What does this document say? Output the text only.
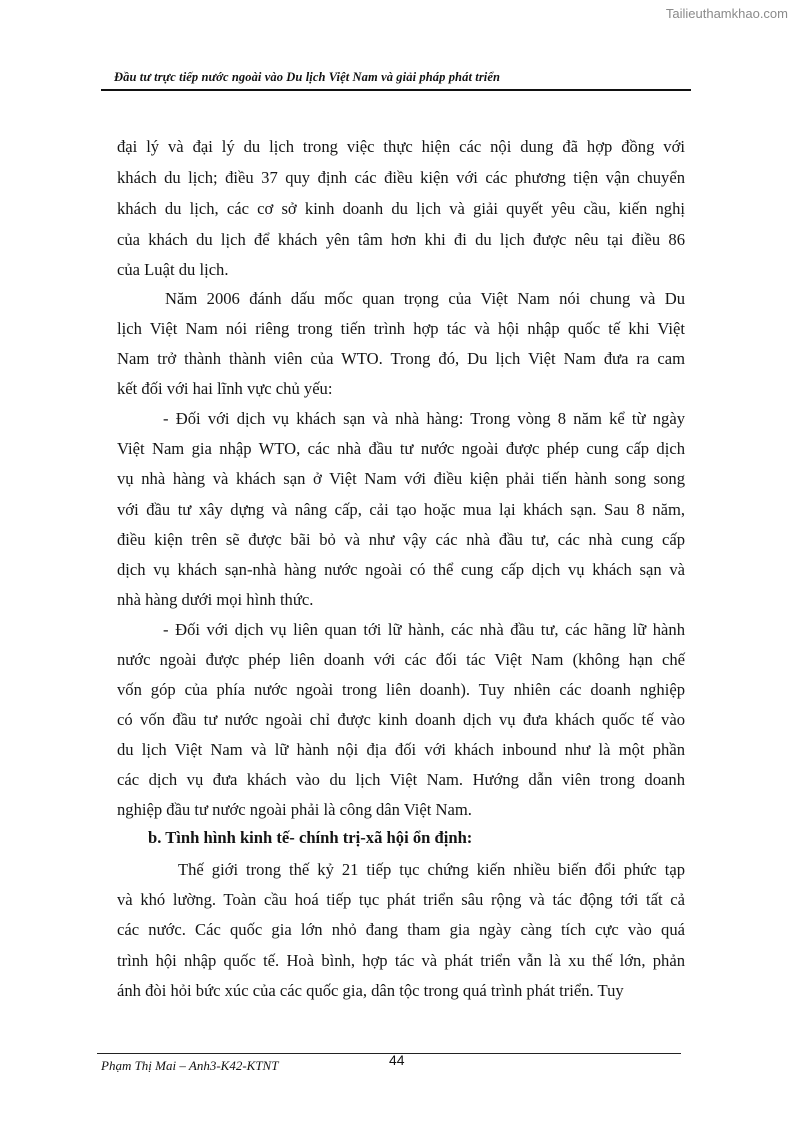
Tailieuthamkhao.com
Đầu tư trực tiếp nước ngoài vào Du lịch Việt Nam và giải pháp phát triển
đại lý và đại lý du lịch trong việc thực hiện các nội dung đã hợp đồng với
khách du lịch; điều 37 quy định các điều kiện với các phương tiện vận chuyển
khách du lịch, các cơ sở kinh doanh du lịch và giải quyết yêu cầu, kiến nghị
của khách du lịch để khách yên tâm hơn khi đi du lịch được nêu tại điều 86
của Luật du lịch.
Năm 2006 đánh dấu mốc quan trọng của Việt Nam nói chung và Du
lịch Việt Nam nói riêng trong tiến trình hợp tác và hội nhập quốc tế khi Việt
Nam trở thành thành viên của WTO. Trong đó, Du lịch Việt Nam đưa ra cam
kết đối với hai lĩnh vực chủ yếu:
- Đối với dịch vụ khách sạn và nhà hàng: Trong vòng 8 năm kể từ ngày
Việt Nam gia nhập WTO, các nhà đầu tư nước ngoài được phép cung cấp dịch
vụ nhà hàng và khách sạn ở Việt Nam với điều kiện phải tiến hành song song
với đầu tư xây dựng và nâng cấp, cải tạo hoặc mua lại khách sạn. Sau 8 năm,
điều kiện trên sẽ được bãi bỏ và như vậy các nhà đầu tư, các nhà cung cấp
dịch vụ khách sạn-nhà hàng nước ngoài có thể cung cấp dịch vụ khách sạn và
nhà hàng dưới mọi hình thức.
- Đối với dịch vụ liên quan tới lữ hành, các nhà đầu tư, các hãng lữ hành
nước ngoài được phép liên doanh với các đối tác Việt Nam (không hạn chế
vốn góp của phía nước ngoài trong liên doanh). Tuy nhiên các doanh nghiệp
có vốn đầu tư nước ngoài chỉ được kinh doanh dịch vụ đưa khách quốc tế vào
du lịch Việt Nam và lữ hành nội địa đối với khách inbound như là một phần
các dịch vụ đưa khách vào du lịch Việt Nam. Hướng dẫn viên trong doanh
nghiệp đầu tư nước ngoài phải là công dân Việt Nam.
b. Tình hình kinh tế- chính trị-xã hội ổn định:
Thế giới trong thế kỷ 21 tiếp tục chứng kiến nhiều biến đổi phức tạp
và khó lường. Toàn cầu hoá tiếp tục phát triển sâu rộng và tác động tới tất cả
các nước. Các quốc gia lớn nhỏ đang tham gia ngày càng tích cực vào quá
trình hội nhập quốc tế. Hoà bình, hợp tác và phát triển vẫn là xu thế lớn, phản
ánh đòi hỏi bức xúc của các quốc gia, dân tộc trong quá trình phát triển. Tuy
Phạm Thị Mai – Anh3-K42-KTNT	44
